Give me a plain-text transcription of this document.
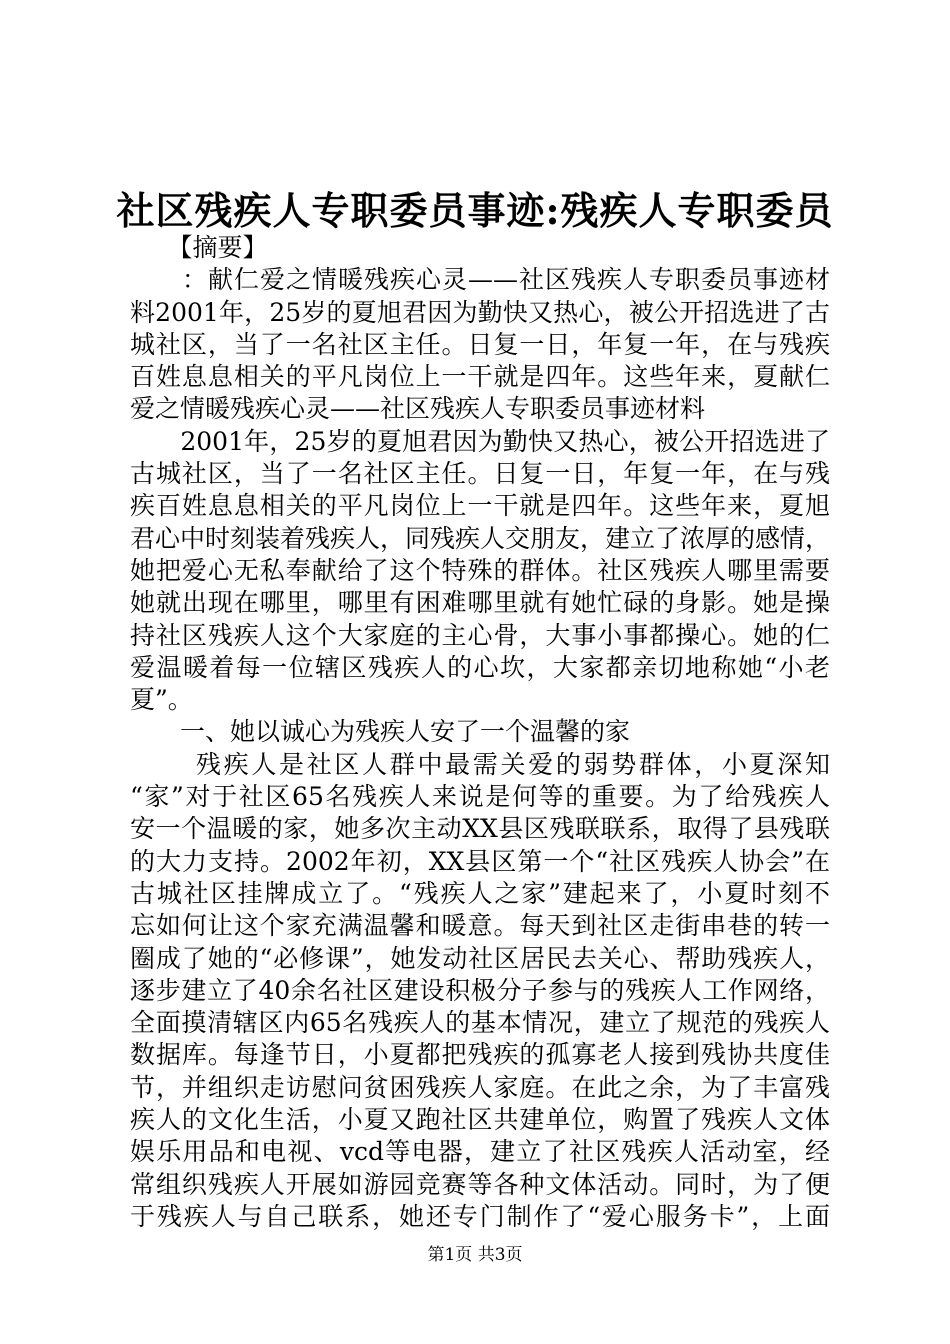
社区残疾人专职委员事迹:残疾人专职委员
　　【摘要】
　　：献仁爱之情暖残疾心灵——社区残疾人专职委员事迹材
料2001年，25岁的夏旭君因为勤快又热心，被公开招选进了古
城社区，当了一名社区主任。日复一日，年复一年，在与残疾
百姓息息相关的平凡岗位上一干就是四年。这些年来，夏献仁
爱之情暖残疾心灵——社区残疾人专职委员事迹材料
　　2001年，25岁的夏旭君因为勤快又热心，被公开招选进了
古城社区，当了一名社区主任。日复一日，年复一年，在与残
疾百姓息息相关的平凡岗位上一干就是四年。这些年来，夏旭
君心中时刻装着残疾人，同残疾人交朋友，建立了浓厚的感情，
她把爱心无私奉献给了这个特殊的群体。社区残疾人哪里需要
她就出现在哪里，哪里有困难哪里就有她忙碌的身影。她是操
持社区残疾人这个大家庭的主心骨，大事小事都操心。她的仁
爱温暖着每一位辖区残疾人的心坎，大家都亲切地称她“小老
夏”。
　　一、她以诚心为残疾人安了一个温馨的家
　　 残疾人是社区人群中最需关爱的弱势群体，小夏深知
“家”对于社区65名残疾人来说是何等的重要。为了给残疾人
安一个温暖的家，她多次主动XX县区残联联系，取得了县残联
的大力支持。2002年初，XX县区第一个“社区残疾人协会”在
古城社区挂牌成立了。“残疾人之家”建起来了，小夏时刻不
忘如何让这个家充满温馨和暖意。每天到社区走街串巷的转一
圈成了她的“必修课”，她发动社区居民去关心、帮助残疾人，
逐步建立了40余名社区建设积极分子参与的残疾人工作网络，
全面摸清辖区内65名残疾人的基本情况，建立了规范的残疾人
数据库。每逢节日，小夏都把残疾的孤寡老人接到残协共度佳
节，并组织走访慰问贫困残疾人家庭。在此之余，为了丰富残
疾人的文化生活，小夏又跑社区共建单位，购置了残疾人文体
娱乐用品和电视、vcd等电器，建立了社区残疾人活动室，经
常组织残疾人开展如游园竞赛等各种文体活动。同时，为了便
于残疾人与自己联系，她还专门制作了“爱心服务卡”，上面
第1页 共3页
